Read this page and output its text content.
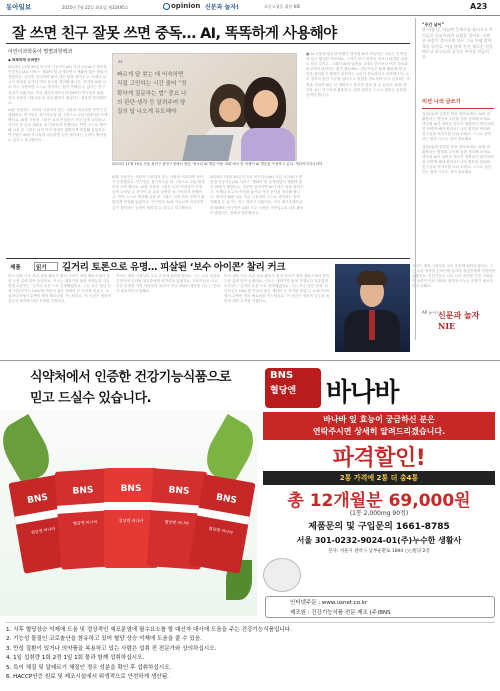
동아일보	2025년 7월 22일 화요일 제32495호	opinion 신문과 놀자!	초중고생을 위한 NIE	A23
잘 쓰면 친구 잘못 쓰면 중독… AI, 똑똑하게 사용해야
어린이과학동아 별별과학백과
◆ 똑똑하게 쓰려면?
2023년 11월 30일 미국의 인공지능(AI) 기업 오픈AI가 생성형 인공지능(AI) 서비스 ‘챗GPT’를 공개하면서 생활에 많은 변화가 생겼어요. 질문만 입력하면 AI가 대신 답을 찾아주고, 숙제나 보고서 작성을 돕거나 여러 문서를 정리해 줍니다. 하지만 AI를 너무 자주 사용하면 스스로 생각하는 힘이 약해질 수 있다는 연구 결과가 나왔어요. 미국 매사추세츠공과대(MIT) 연구팀은 AI를 자주 사용한 사람일수록 뇌의 활동이 줄었다는 결과를 발표했어요.
AI를 사용하는 사람과 사용하지 않는 사람을 비교하면 차이가 뚜렷했어요. 연구팀은 참가자들을 세 그룹으로 나눠 에세이를 쓰게 했어요. AI를 사용한 그룹은 뇌의 연결성이 가장 낮게 나타났고, 자신이 쓴 글의 내용을 잘 기억하지 못했어요. 반면 스스로 생각해 글을 쓴 그룹은 뇌의 여러 영역이 활발하게 연결돼 있었지요. 연구팀은 AI에 지나치게 의존하면 깊이 생각하는 능력이 떨어질 수 있다고 경고했어요.
“
빠르게 답 찾는 데 익숙하면 직접 고민하는 시간 줄어 “정확하게 질문하는 법” 중요 나의 판단·생각 등 알려주며 양질의 답 나오게 유도해야
2023년 11월 19일 서울 광진구 광진구청에서 열린 ‘청소년 AI 챗봇 이용 대회’에서 한 학생이 AI 챗봇을 이용하고 있다. 게티이미지코리아
AI를 사용하는 사람과 사용하지 않는 사람을 비교하면 차이가 뚜렷했어요. 연구팀은 참가자들을 세 그룹으로 나눠 에세이를 쓰게 했어요. AI를 사용한 그룹은 뇌의 연결성이 가장 낮게 나타났고, 자신이 쓴 글의 내용을 잘 기억하지 못했어요. 반면 스스로 생각해 글을 쓴 그룹은 뇌의 여러 영역이 활발하게 연결돼 있었지요. 연구팀은 AI에 지나치게 의존하면 깊이 생각하는 능력이 떨어질 수 있다고 경고했어요.
2023년 11월 30일 미국의 인공지능(AI) 기업 오픈AI가 생성형 인공지능(AI) 서비스 ‘챗GPT’를 공개하면서 생활에 많은 변화가 생겼어요. 질문만 입력하면 AI가 대신 답을 찾아주고, 숙제나 보고서 작성을 돕거나 여러 문서를 정리해 줍니다. 하지만 AI를 너무 자주 사용하면 스스로 생각하는 힘이 약해질 수 있다는 연구 결과가 나왔어요. 미국 매사추세츠공과대(MIT) 연구팀은 AI를 자주 사용한 사람일수록 뇌의 활동이 줄었다는 결과를 발표했어요.
■ AI 사용에 필요한 역량은 생성형 AI가 학습하는 자료는 인터넷에 있는 방대한 정보예요. 그러다 보니 잘못된 정보나 편향된 내용도 담겨 있지요. 그래서 AI의 답변을 그대로 믿기보다 여러 자료와 비교하며 판단하는 힘이 필요해요. 전문가들은 AI를 활용할 때 무엇을 물어볼지 정확히 질문하는 능력이 중요하다고 강조합니다. 나의 생각과 판단 기준을 알려주고 답변을 검토하며 다시 질문하는 과정을 거치면 AI는 더 정확하고 풍부한 답을 줄 수 있어요. AI를 생각을 돕는 친구처럼 활용하고, 최종 판단은 스스로 내리는 습관을 들여야 합니다.
“주간 날씨”
한 여름 날, 하늘엔 뭉게구름 흘러가고 아이들은 물놀이하며 더위를 잊어요. 시원한 바람이 불어오면 나무 그늘 아래 앉아 책을 읽어요. 여름 방학 동안 새로운 것을 배우고 친구들과 즐거운 추억을 만들어요.
미션 나의 글쓰기
질문(Q)에 알맞은 답을 찾아보세요. AI를 잘 활용하는 방법과 주의할 점을 정리해 보세요. 생성형 AI가 알려준 정보가 정확한지 확인하려면 어떻게 해야 할까요? 나의 생각을 정리해 친구들과 이야기를 나눠 보세요. 스스로 판단하는 힘을 기르는 것이 중요해요.
질문(Q)에 알맞은 답을 찾아보세요. AI를 잘 활용하는 방법과 주의할 점을 정리해 보세요. 생성형 AI가 알려준 정보가 정확한지 확인하려면 어떻게 해야 할까요? 나의 생각을 정리해 친구들과 이야기를 나눠 보세요. 스스로 판단하는 힘을 기르는 것이 중요해요.
신문과 놀자 NIE
제품	읽기 길거리 토론으로 유명… 피살된 ‘보수 아이콘’ 찰리 커크
미국 대표 극우 보수 정치 활동가 찰리 커크가 대학 캠퍼스에서 강연 도중 총에 맞아 숨졌어요. 커크는 대학가를 돌며 학생들과 자유롭게 토론하는 ‘길거리 토론’으로 유명해졌어요. 그는 보수 청년 단체 ‘터닝포인트 USA’를 만들어 젊은 세대의 큰 지지를 얻었고, 소셜미디어에서 수백만 명의 팔로어를 거느렸지요. 이 사건은 정치적 갈등과 폭력에 대한 우려를 키웠어요.
커크는 대학 시절부터 보수 운동에 뛰어들었어요. 그는 토론 영상을 온라인에 올리며 청년층에게 영향력을 넓혔지요. 전문가들은 서로 다른 의견을 가진 사람들이 폭력이 아닌 대화로 생각을 나누는 문화가 필요하다고 말해요.
미국 대표 극우 보수 정치 활동가 찰리 커크가 대학 캠퍼스에서 강연 도중 총에 맞아 숨졌어요. 커크는 대학가를 돌며 학생들과 자유롭게 토론하는 ‘길거리 토론’으로 유명해졌어요. 그는 보수 청년 단체 ‘터닝포인트 USA’를 만들어 젊은 세대의 큰 지지를 얻었고, 소셜미디어에서 수백만 명의 팔로어를 거느렸지요. 이 사건은 정치적 갈등과 폭력에 대한 우려를 키웠어요.
커크는 대학 시절부터 보수 운동에 뛰어들었어요. 그는 토론 영상을 온라인에 올리며 청년층에게 영향력을 넓혔지요. 전문가들은 서로 다른 의견을 가진 사람들이 폭력이 아닌 대화로 생각을 나누는 문화가 필요하다고 말해요.
AP 뉴시스
식약처에서 인증한 건강기능식품으로
믿고 드실수 있습니다.
BNS
혈당엔 바나바
BNS
혈당엔 바나바
BNS
혈당엔 바나바
BNS
혈당엔 바나바
BNS
혈당엔 바나바
BNS
혈당엔 바나바
바나바 잎 효능이 궁금하신 분은
연락주시면 상세히 알려드리겠습니다.
파격할인!
2통 가격에 2통 더 총4통
총 12개월분 69,000원
(1통 2,000mg 90정)
제품문의 및 구입문의 1661-8785
서울 301-0232-9024-01(주)누수한 생활사
본사: 서울시 관악구 남부순환로 1894 ○○빌딩 2층
인터넷주문 : www.usnet.co.kr
제조원 : 건강기능식품 전문 제조 (주)BNS
1. 식후 혈당상승 억제에 도움 및 정상적인 세포분열에 필수요소를 할 대신자 대사에 도움을 주는 건강기능식품입니다.
2. 기능성 물질인 코로솔산을 함유하고 있어 혈당 상승 억제에 도움을 줄 수 있음.
3. 만성 질환이 있거나 의약품을 복용하고 있는 사람은 섭취 전 전문가와 상의하십시오.
4. 1일 섭취량 1회 2정 1일 1회 물과 함께 섭취하십시오.
5. 특이 체질 및 알레르기 체질인 경우 성분을 확인 후 섭취하십시오.
6. HACCP인증 원료 및 제조시설에서 위생적으로 안전하게 생산됨.
